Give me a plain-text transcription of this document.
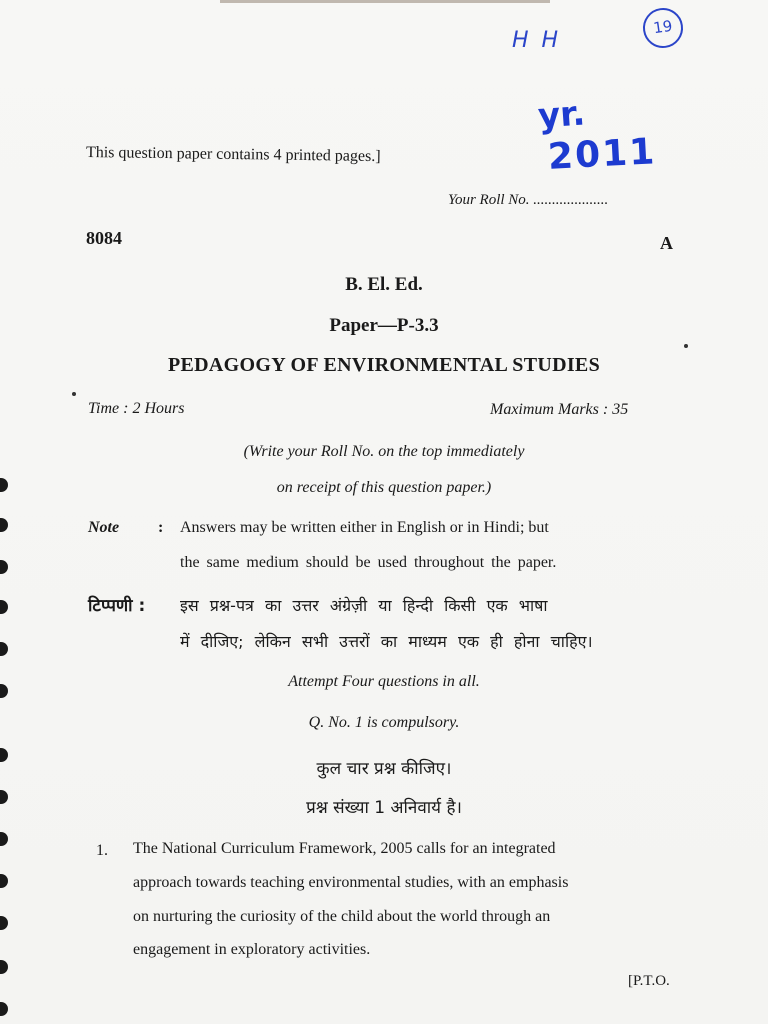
H H
19
yr.
2011
This question paper contains 4 printed pages.]
Your Roll No. ....................
8084	A
B. El. Ed.
Paper—P-3.3
PEDAGOGY OF ENVIRONMENTAL STUDIES
Time : 2 Hours	Maximum Marks : 35
(Write your Roll No. on the top immediately
on receipt of this question paper.)
Note : Answers may be written either in English or in Hindi; but
the same medium should be used throughout the paper.
टिप्पणी : इस प्रश्न-पत्र का उत्तर अंग्रेज़ी या हिन्दी किसी एक भाषा
में दीजिए; लेकिन सभी उत्तरों का माध्यम एक ही होना चाहिए।
Attempt Four questions in all.
Q. No. 1 is compulsory.
कुल चार प्रश्न कीजिए।
प्रश्न संख्या 1 अनिवार्य है।
1. The National Curriculum Framework, 2005 calls for an integrated
approach towards teaching environmental studies, with an emphasis
on nurturing the curiosity of the child about the world through an
engagement in exploratory activities.
[P.T.O.
